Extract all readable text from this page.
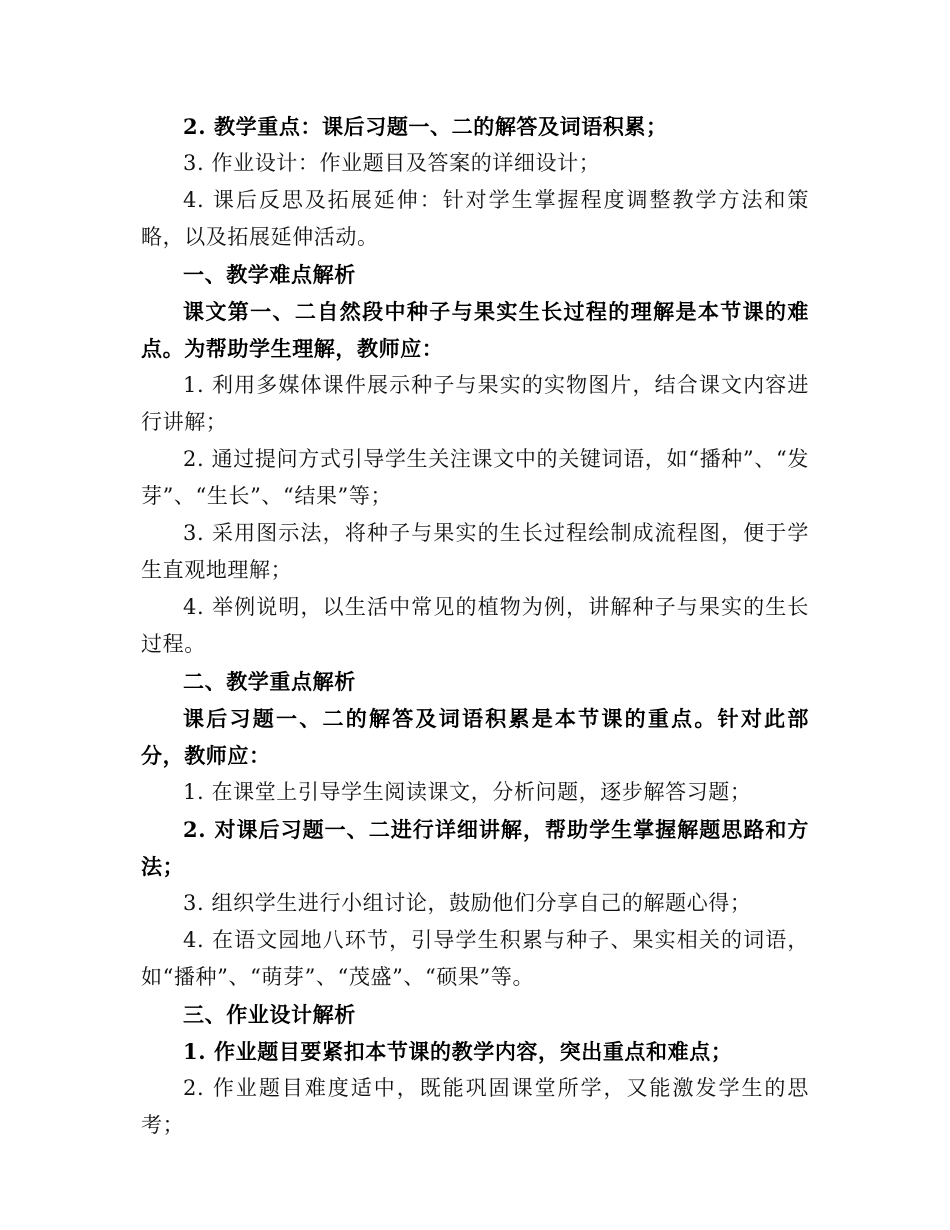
2. 教学重点：课后习题一、二的解答及词语积累；

3. 作业设计：作业题目及答案的详细设计；

4. 课后反思及拓展延伸：针对学生掌握程度调整教学方法和策略，以及拓展延伸活动。

一、教学难点解析

课文第一、二自然段中种子与果实生长过程的理解是本节课的难点。为帮助学生理解，教师应：

1. 利用多媒体课件展示种子与果实的实物图片，结合课文内容进行讲解；

2. 通过提问方式引导学生关注课文中的关键词语，如“播种”、“发芽”、“生长”、“结果”等；

3. 采用图示法，将种子与果实的生长过程绘制成流程图，便于学生直观地理解；

4. 举例说明，以生活中常见的植物为例，讲解种子与果实的生长过程。

二、教学重点解析

课后习题一、二的解答及词语积累是本节课的重点。针对此部分，教师应：

1. 在课堂上引导学生阅读课文，分析问题，逐步解答习题；

2. 对课后习题一、二进行详细讲解，帮助学生掌握解题思路和方法；

3. 组织学生进行小组讨论，鼓励他们分享自己的解题心得；

4. 在语文园地八环节，引导学生积累与种子、果实相关的词语，如“播种”、“萌芽”、“茂盛”、“硕果”等。

三、作业设计解析

1. 作业题目要紧扣本节课的教学内容，突出重点和难点；

2. 作业题目难度适中，既能巩固课堂所学，又能激发学生的思考；
